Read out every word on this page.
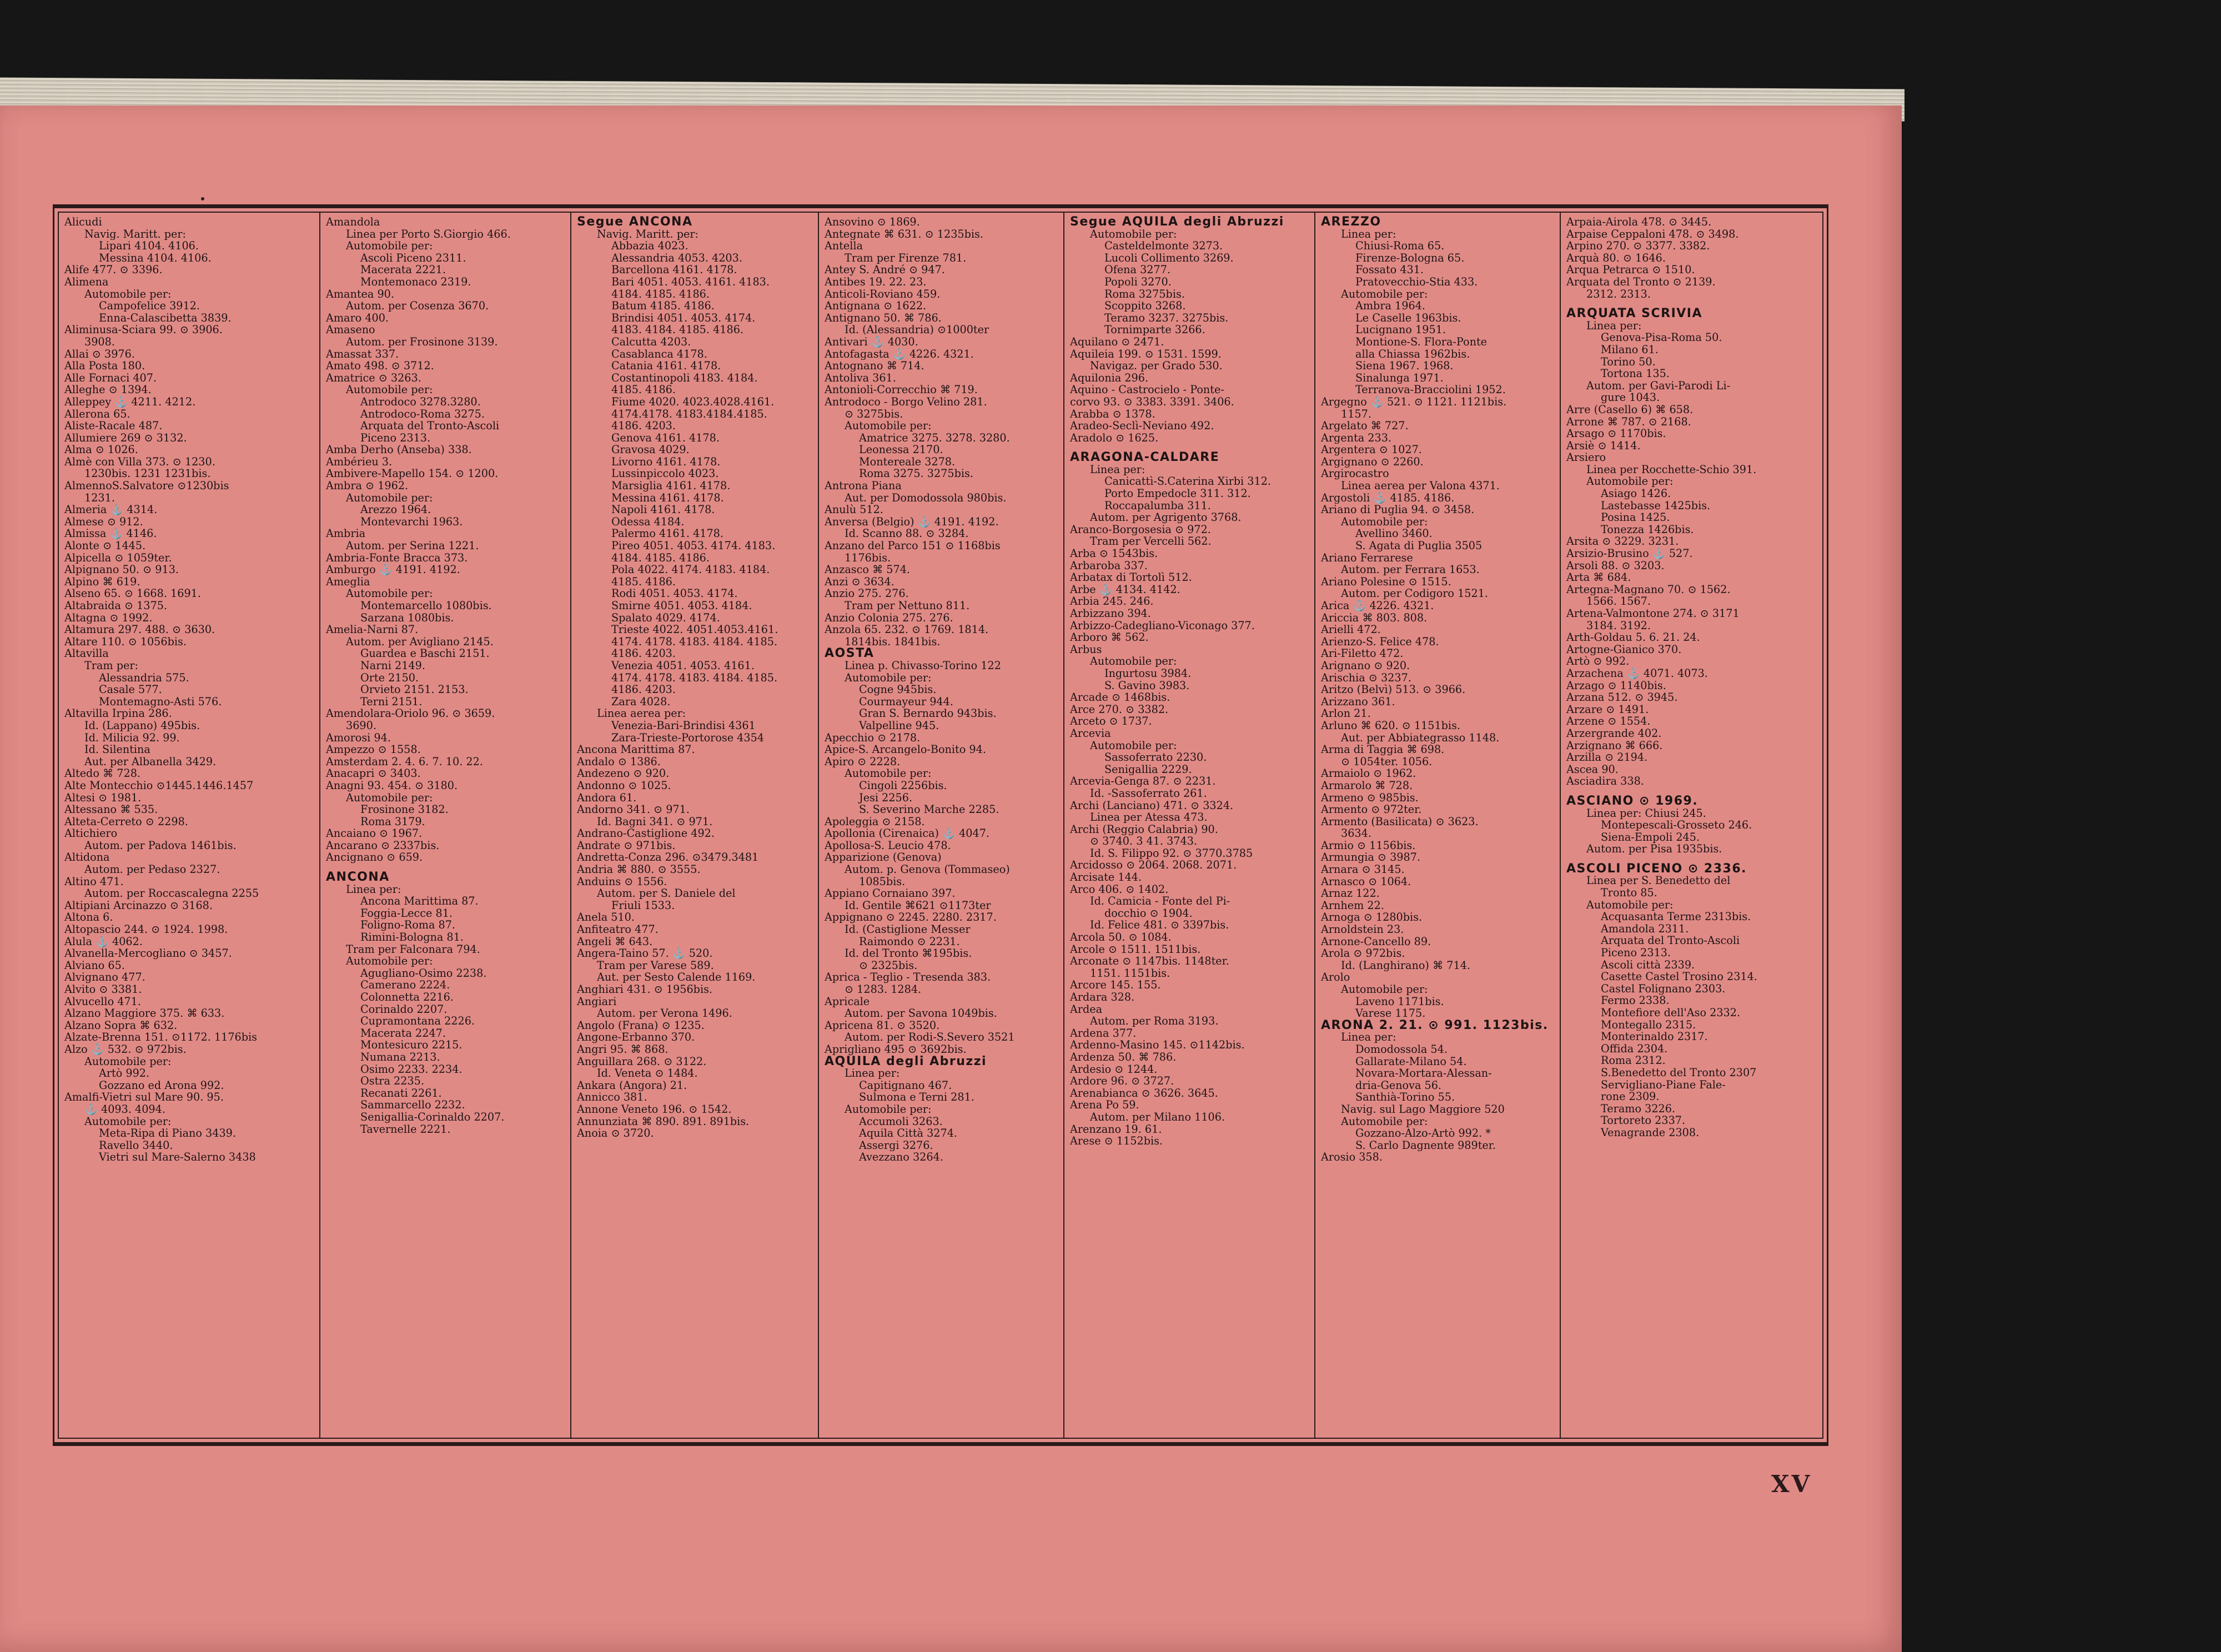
Alicudi
Navig. Maritt. per:
Lipari 4104. 4106.
Messina 4104. 4106.
Alife 477. ⊙ 3396.
Alimena
Automobile per:
Campofelice 3912.
Enna-Calascibetta 3839.
Aliminusa-Sciara 99. ⊙ 3906.
3908.
Allai ⊙ 3976.
Alla Posta 180.
Alle Fornaci 407.
Alleghe ⊙ 1394.
Alleppey ⚓ 4211. 4212.
Allerona 65.
Aliste-Racale 487.
Allumiere 269 ⊙ 3132.
Alma ⊙ 1026.
Almè con Villa 373. ⊙ 1230.
1230bis. 1231 1231bis.
AlmennoS.Salvatore ⊙1230bis
1231.
Almeria ⚓ 4314.
Almese ⊙ 912.
Almissa ⚓ 4146.
Alonte ⊙ 1445.
Alpicella ⊙ 1059ter.
Alpignano 50. ⊙ 913.
Alpino ⌘ 619.
Alseno 65. ⊙ 1668. 1691.
Altabraida ⊙ 1375.
Altagna ⊙ 1992.
Altamura 297. 488. ⊙ 3630.
Altare 110. ⊙ 1056bis.
Altavilla
Tram per:
Alessandria 575.
Casale 577.
Montemagno-Asti 576.
Altavilla Irpina 286.
Id. (Lappano) 495bis.
Id. Milicia 92. 99.
Id. Silentina
Aut. per Albanella 3429.
Altedo ⌘ 728.
Alte Montecchio ⊙1445.1446.1457
Altesi ⊙ 1981.
Altessano ⌘ 535.
Alteta-Cerreto ⊙ 2298.
Altichiero
Autom. per Padova 1461bis.
Altidona
Autom. per Pedaso 2327.
Altino 471.
Autom. per Roccascalegna 2255
Altipiani Arcinazzo ⊙ 3168.
Altona 6.
Altopascio 244. ⊙ 1924. 1998.
Alula ⚓ 4062.
Alvanella-Mercogliano ⊙ 3457.
Alviano 65.
Alvignano 477.
Alvito ⊙ 3381.
Alvucello 471.
Alzano Maggiore 375. ⌘ 633.
Alzano Sopra ⌘ 632.
Alzate-Brenna 151. ⊙1172. 1176bis
Alzo ⚓ 532. ⊙ 972bis.
Automobile per:
Artò 992.
Gozzano ed Arona 992.
Amalfi-Vietri sul Mare 90. 95.
⚓ 4093. 4094.
Automobile per:
Meta-Ripa di Piano 3439.
Ravello 3440.
Vietri sul Mare-Salerno 3438
Amandola
Linea per Porto S.Giorgio 466.
Automobile per:
Ascoli Piceno 2311.
Macerata 2221.
Montemonaco 2319.
Amantea 90.
Autom. per Cosenza 3670.
Amaro 400.
Amaseno
Autom. per Frosinone 3139.
Amassat 337.
Amato 498. ⊙ 3712.
Amatrice ⊙ 3263.
Automobile per:
Antrodoco 3278.3280.
Antrodoco-Roma 3275.
Arquata del Tronto-Ascoli
Piceno 2313.
Amba Derho (Anseba) 338.
Ambérieu 3.
Ambivere-Mapello 154. ⊙ 1200.
Ambra ⊙ 1962.
Automobile per:
Arezzo 1964.
Montevarchi 1963.
Ambria
Autom. per Serina 1221.
Ambria-Fonte Bracca 373.
Amburgo ⚓ 4191. 4192.
Ameglia
Automobile per:
Montemarcello 1080bis.
Sarzana 1080bis.
Amelia-Narni 87.
Autom. per Avigliano 2145.
Guardea e Baschi 2151.
Narni 2149.
Orte 2150.
Orvieto 2151. 2153.
Terni 2151.
Amendolara-Oriolo 96. ⊙ 3659.
3690.
Amorosi 94.
Ampezzo ⊙ 1558.
Amsterdam 2. 4. 6. 7. 10. 22.
Anacapri ⊙ 3403.
Anagni 93. 454. ⊙ 3180.
Automobile per:
Frosinone 3182.
Roma 3179.
Ancaiano ⊙ 1967.
Ancarano ⊙ 2337bis.
Ancignano ⊙ 659.
ANCONA
Linea per:
Ancona Marittima 87.
Foggia-Lecce 81.
Foligno-Roma 87.
Rimini-Bologna 81.
Tram per Falconara 794.
Automobile per:
Agugliano-Osimo 2238.
Camerano 2224.
Colonnetta 2216.
Corinaldo 2207.
Cupramontana 2226.
Macerata 2247.
Montesicuro 2215.
Numana 2213.
Osimo 2233. 2234.
Ostra 2235.
Recanati 2261.
Sammarcello 2232.
Senigallia-Corinaldo 2207.
Tavernelle 2221.
Segue ANCONA
Navig. Maritt. per:
Abbazia 4023.
Alessandria 4053. 4203.
Barcellona 4161. 4178.
Bari 4051. 4053. 4161. 4183.
4184. 4185. 4186.
Batum 4185. 4186.
Brindisi 4051. 4053. 4174.
4183. 4184. 4185. 4186.
Calcutta 4203.
Casablanca 4178.
Catania 4161. 4178.
Costantinopoli 4183. 4184.
4185. 4186.
Fiume 4020. 4023.4028.4161.
4174.4178. 4183.4184.4185.
4186. 4203.
Genova 4161. 4178.
Gravosa 4029.
Livorno 4161. 4178.
Lussinpiccolo 4023.
Marsiglia 4161. 4178.
Messina 4161. 4178.
Napoli 4161. 4178.
Odessa 4184.
Palermo 4161. 4178.
Pireo 4051. 4053. 4174. 4183.
4184. 4185. 4186.
Pola 4022. 4174. 4183. 4184.
4185. 4186.
Rodi 4051. 4053. 4174.
Smirne 4051. 4053. 4184.
Spalato 4029. 4174.
Trieste 4022. 4051.4053.4161.
4174. 4178. 4183. 4184. 4185.
4186. 4203.
Venezia 4051. 4053. 4161.
4174. 4178. 4183. 4184. 4185.
4186. 4203.
Zara 4028.
Linea aerea per:
Venezia-Bari-Brindisi 4361
Zara-Trieste-Portorose 4354
Ancona Marittima 87.
Andalo ⊙ 1386.
Andezeno ⊙ 920.
Andonno ⊙ 1025.
Andora 61.
Andorno 341. ⊙ 971.
Id. Bagni 341. ⊙ 971.
Andrano-Castiglione 492.
Andrate ⊙ 971bis.
Andretta-Conza 296. ⊙3479.3481
Andria ⌘ 880. ⊙ 3555.
Anduins ⊙ 1556.
Autom. per S. Daniele del
Friuli 1533.
Anela 510.
Anfiteatro 477.
Angeli ⌘ 643.
Angera-Taino 57. ⚓ 520.
Tram per Varese 589.
Aut. per Sesto Calende 1169.
Anghiari 431. ⊙ 1956bis.
Angiari
Autom. per Verona 1496.
Angolo (Frana) ⊙ 1235.
Angone-Erbanno 370.
Angri 95. ⌘ 868.
Anguillara 268. ⊙ 3122.
Id. Veneta ⊙ 1484.
Ankara (Angora) 21.
Annicco 381.
Annone Veneto 196. ⊙ 1542.
Annunziata ⌘ 890. 891. 891bis.
Anoia ⊙ 3720.
Ansovino ⊙ 1869.
Antegnate ⌘ 631. ⊙ 1235bis.
Antella
Tram per Firenze 781.
Antey S. André ⊙ 947.
Antibes 19. 22. 23.
Anticoli-Roviano 459.
Antignana ⊙ 1622.
Antignano 50. ⌘ 786.
Id. (Alessandria) ⊙1000ter
Antivari ⚓ 4030.
Antofagasta ⚓ 4226. 4321.
Antognano ⌘ 714.
Antoliva 361.
Antonioli-Correcchio ⌘ 719.
Antrodoco - Borgo Velino 281.
⊙ 3275bis.
Automobile per:
Amatrice 3275. 3278. 3280.
Leonessa 2170.
Montereale 3278.
Roma 3275. 3275bis.
Antrona Piana
Aut. per Domodossola 980bis.
Anulù 512.
Anversa (Belgio) ⚓ 4191. 4192.
Id. Scanno 88. ⊙ 3284.
Anzano del Parco 151 ⊙ 1168bis
1176bis.
Anzasco ⌘ 574.
Anzi ⊙ 3634.
Anzio 275. 276.
Tram per Nettuno 811.
Anzio Colonia 275. 276.
Anzola 65. 232. ⊙ 1769. 1814.
1814bis. 1841bis.
AOSTA
Linea p. Chivasso-Torino 122
Automobile per:
Cogne 945bis.
Courmayeur 944.
Gran S. Bernardo 943bis.
Valpelline 945.
Apecchio ⊙ 2178.
Apice-S. Arcangelo-Bonito 94.
Apiro ⊙ 2228.
Automobile per:
Cingoli 2256bis.
Jesi 2256.
S. Severino Marche 2285.
Apoleggia ⊙ 2158.
Apollonia (Cirenaica) ⚓ 4047.
Apollosa-S. Leucio 478.
Apparizione (Genova)
Autom. p. Genova (Tommaseo)
1085bis.
Appiano Cornaiano 397.
Id. Gentile ⌘621 ⊙1173ter
Appignano ⊙ 2245. 2280. 2317.
Id. (Castiglione Messer
Raimondo ⊙ 2231.
Id. del Tronto ⌘195bis.
⊙ 2325bis.
Aprica - Teglio - Tresenda 383.
⊙ 1283. 1284.
Apricale
Autom. per Savona 1049bis.
Apricena 81. ⊙ 3520.
Autom. per Rodi-S.Severo 3521
Aprigliano 495 ⊙ 3692bis.
AQUILA degli Abruzzi
Linea per:
Capitignano 467.
Sulmona e Terni 281.
Automobile per:
Accumoli 3263.
Aquila Città 3274.
Assergi 3276.
Avezzano 3264.
Segue AQUILA degli Abruzzi
Automobile per:
Casteldelmonte 3273.
Lucoli Collimento 3269.
Ofena 3277.
Popoli 3270.
Roma 3275bis.
Scoppito 3268.
Teramo 3237. 3275bis.
Tornimparte 3266.
Aquilano ⊙ 2471.
Aquileia 199. ⊙ 1531. 1599.
Navigaz. per Grado 530.
Aquilonia 296.
Aquino - Castrocielo - Ponte-
corvo 93. ⊙ 3383. 3391. 3406.
Arabba ⊙ 1378.
Aradeo-Seclì-Neviano 492.
Aradolo ⊙ 1625.
ARAGONA-CALDARE
Linea per:
Canicattì-S.Caterina Xirbi 312.
Porto Empedocle 311. 312.
Roccapalumba 311.
Autom. per Agrigento 3768.
Aranco-Borgosesia ⊙ 972.
Tram per Vercelli 562.
Arba ⊙ 1543bis.
Arbaroba 337.
Arbatax di Tortolì 512.
Arbe ⚓ 4134. 4142.
Arbia 245. 246.
Arbizzano 394.
Arbizzo-Cadegliano-Viconago 377.
Arboro ⌘ 562.
Arbus
Automobile per:
Ingurtosu 3984.
S. Gavino 3983.
Arcade ⊙ 1468bis.
Arce 270. ⊙ 3382.
Arceto ⊙ 1737.
Arcevia
Automobile per:
Sassoferrato 2230.
Senigallia 2229.
Arcevia-Genga 87. ⊙ 2231.
Id. -Sassoferrato 261.
Archi (Lanciano) 471. ⊙ 3324.
Linea per Atessa 473.
Archi (Reggio Calabria) 90.
⊙ 3740. 3 41. 3743.
Id. S. Filippo 92. ⊙ 3770.3785
Arcidosso ⊙ 2064. 2068. 2071.
Arcisate 144.
Arco 406. ⊙ 1402.
Id. Camicia - Fonte del Pi-
docchio ⊙ 1904.
Id. Felice 481. ⊙ 3397bis.
Arcola 50. ⊙ 1084.
Arcole ⊙ 1511. 1511bis.
Arconate ⊙ 1147bis. 1148ter.
1151. 1151bis.
Arcore 145. 155.
Ardara 328.
Ardea
Autom. per Roma 3193.
Ardena 377.
Ardenno-Masino 145. ⊙1142bis.
Ardenza 50. ⌘ 786.
Ardesio ⊙ 1244.
Ardore 96. ⊙ 3727.
Arenabianca ⊙ 3626. 3645.
Arena Po 59.
Autom. per Milano 1106.
Arenzano 19. 61.
Arese ⊙ 1152bis.
AREZZO
Linea per:
Chiusi-Roma 65.
Firenze-Bologna 65.
Fossato 431.
Pratovecchio-Stia 433.
Automobile per:
Ambra 1964.
Le Caselle 1963bis.
Lucignano 1951.
Montione-S. Flora-Ponte
alla Chiassa 1962bis.
Siena 1967. 1968.
Sinalunga 1971.
Terranova-Bracciolini 1952.
Argegno ⚓ 521. ⊙ 1121. 1121bis.
1157.
Argelato ⌘ 727.
Argenta 233.
Argentera ⊙ 1027.
Argignano ⊙ 2260.
Argirocastro
Linea aerea per Valona 4371.
Argostoli ⚓ 4185. 4186.
Ariano di Puglia 94. ⊙ 3458.
Automobile per:
Avellino 3460.
S. Agata di Puglia 3505
Ariano Ferrarese
Autom. per Ferrara 1653.
Ariano Polesine ⊙ 1515.
Autom. per Codigoro 1521.
Arica ⚓ 4226. 4321.
Ariccia ⌘ 803. 808.
Arielli 472.
Arienzo-S. Felice 478.
Ari-Filetto 472.
Arignano ⊙ 920.
Arischia ⊙ 3237.
Aritzo (Belvì) 513. ⊙ 3966.
Arizzano 361.
Arlon 21.
Arluno ⌘ 620. ⊙ 1151bis.
Aut. per Abbiategrasso 1148.
Arma di Taggia ⌘ 698.
⊙ 1054ter. 1056.
Armaiolo ⊙ 1962.
Armarolo ⌘ 728.
Armeno ⊙ 985bis.
Armento ⊙ 972ter.
Armento (Basilicata) ⊙ 3623.
3634.
Armio ⊙ 1156bis.
Armungia ⊙ 3987.
Arnara ⊙ 3145.
Arnasco ⊙ 1064.
Arnaz 122.
Arnhem 22.
Arnoga ⊙ 1280bis.
Arnoldstein 23.
Arnone-Cancello 89.
Arola ⊙ 972bis.
Id. (Langhirano) ⌘ 714.
Arolo
Automobile per:
Laveno 1171bis.
Varese 1175.
ARONA 2. 21. ⊙ 991. 1123bis.
Linea per:
Domodossola 54.
Gallarate-Milano 54.
Novara-Mortara-Alessan-
dria-Genova 56.
Santhià-Torino 55.
Navig. sul Lago Maggiore 520
Automobile per:
Gozzano-Alzo-Artò 992. *
S. Carlo Dagnente 989ter.
Arosio 358.
Arpaia-Airola 478. ⊙ 3445.
Arpaise Ceppaloni 478. ⊙ 3498.
Arpino 270. ⊙ 3377. 3382.
Arquà 80. ⊙ 1646.
Arqua Petrarca ⊙ 1510.
Arquata del Tronto ⊙ 2139.
2312. 2313.
ARQUATA SCRIVIA
Linea per:
Genova-Pisa-Roma 50.
Milano 61.
Torino 50.
Tortona 135.
Autom. per Gavi-Parodi Li-
gure 1043.
Arre (Casello 6) ⌘ 658.
Arrone ⌘ 787. ⊙ 2168.
Arsago ⊙ 1170bis.
Arsiè ⊙ 1414.
Arsiero
Linea per Rocchette-Schio 391.
Automobile per:
Asiago 1426.
Lastebasse 1425bis.
Posina 1425.
Tonezza 1426bis.
Arsita ⊙ 3229. 3231.
Arsizio-Brusino ⚓ 527.
Arsoli 88. ⊙ 3203.
Arta ⌘ 684.
Artegna-Magnano 70. ⊙ 1562.
1566. 1567.
Artena-Valmontone 274. ⊙ 3171
3184. 3192.
Arth-Goldau 5. 6. 21. 24.
Artogne-Gianico 370.
Artò ⊙ 992.
Arzachena ⚓ 4071. 4073.
Arzago ⊙ 1140bis.
Arzana 512. ⊙ 3945.
Arzare ⊙ 1491.
Arzene ⊙ 1554.
Arzergrande 402.
Arzignano ⌘ 666.
Arzilla ⊙ 2194.
Ascea 90.
Asciadira 338.
ASCIANO ⊙ 1969.
Linea per: Chiusi 245.
Montepescali-Grosseto 246.
Siena-Empoli 245.
Autom. per Pisa 1935bis.
ASCOLI PICENO ⊙ 2336.
Linea per S. Benedetto del
Tronto 85.
Automobile per:
Acquasanta Terme 2313bis.
Amandola 2311.
Arquata del Tronto-Ascoli
Piceno 2313.
Ascoli città 2339.
Casette Castel Trosino 2314.
Castel Folignano 2303.
Fermo 2338.
Montefiore dell'Aso 2332.
Montegallo 2315.
Monterinaldo 2317.
Offida 2304.
Roma 2312.
S.Benedetto del Tronto 2307
Servigliano-Piane Fale-
rone 2309.
Teramo 3226.
Tortoreto 2337.
Venagrande 2308.
XV
